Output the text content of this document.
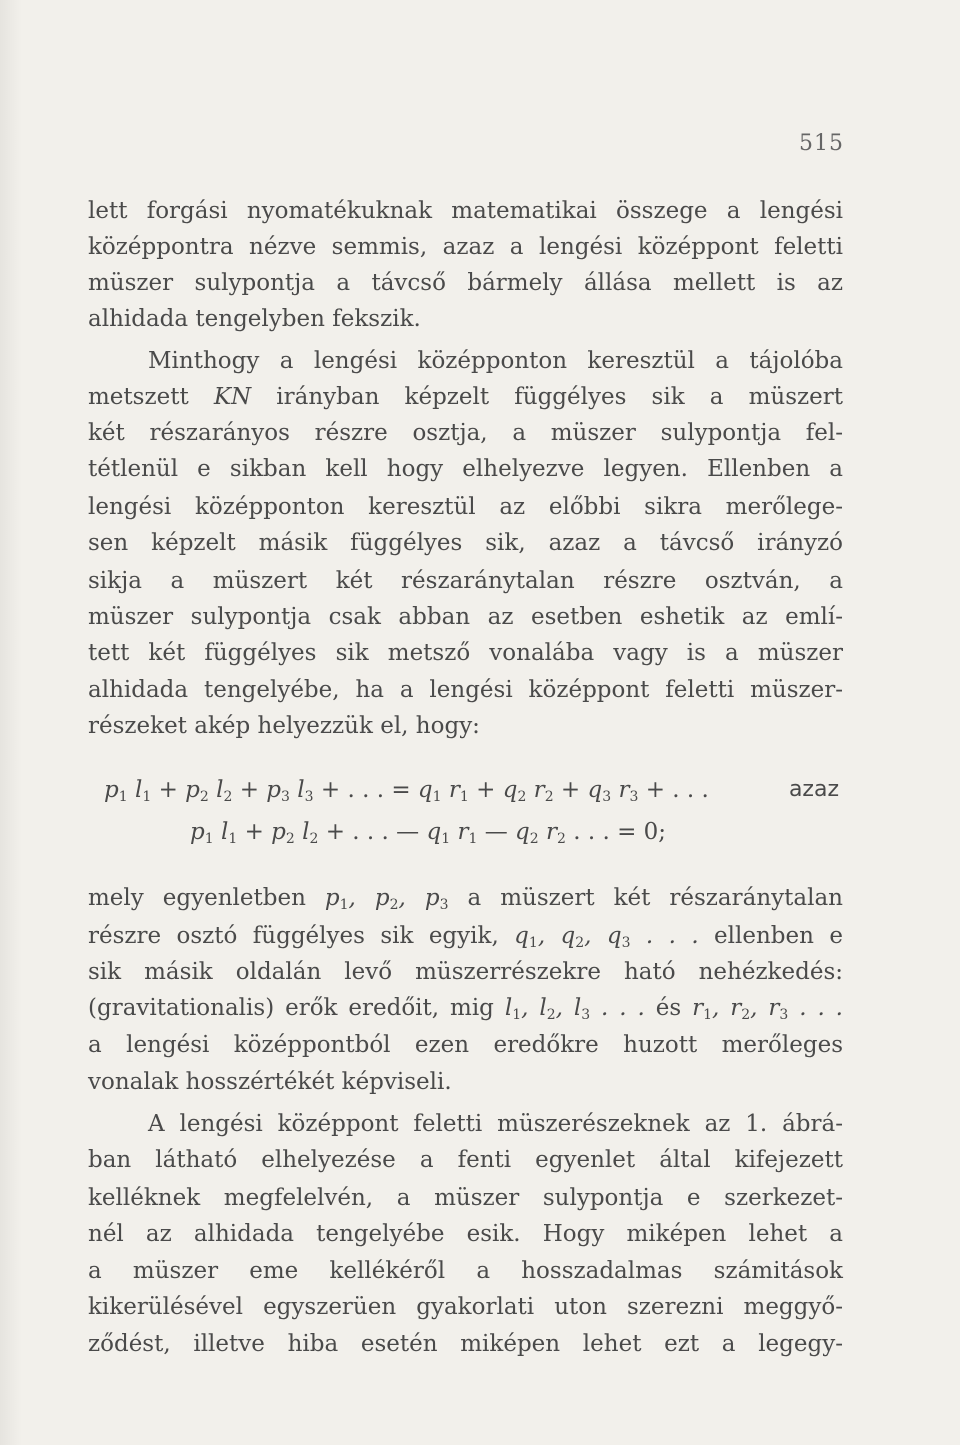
515
lett forgási nyomatékuknak matematikai összege a lengési
középpontra nézve semmis, azaz a lengési középpont feletti
müszer sulypontja a távcső bármely állása mellett is az
alhidada tengelyben fekszik.
Minthogy a lengési középponton keresztül a tájolóba
metszett KN irányban képzelt függélyes sik a müszert
két részarányos részre osztja, a müszer sulypontja fel-
tétlenül e sikban kell hogy elhelyezve legyen. Ellenben a
lengési középponton keresztül az előbbi sikra merőlege-
sen képzelt másik függélyes sik, azaz a távcső irányzó
sikja a müszert két részaránytalan részre osztván, a
müszer sulypontja csak abban az esetben eshetik az emlí-
tett két függélyes sik metsző vonalába vagy is a müszer
alhidada tengelyébe, ha a lengési középpont feletti müszer-
részeket akép helyezzük el, hogy:
$p_1$ $l_1 + p_2$ $l_2 + p_3$ $l_3$ + . . . = $q_1$ $r_1 + q_2$ $r_2 + q_3$ $r_3$ + . . .	azaz
$p_1$ $l_1 + p_2$ $l_2$ + . . . — $q_1$ $r_1$ — $q_2$ $r_2$ . . . = 0;
mely egyenletben $p_1$, $p_2$, $p_3$ a müszert két részaránytalan
részre osztó függélyes sik egyik, $q_1$, $q_2$, $q_3$ . . . ellenben e
sik másik oldalán levő müszerrészekre ható nehézkedés:
(gravitationalis) erők eredőit, mig $l_1$, $l_2$, $l_3$ . . . és $r_1$, $r_2$, $r_3$ . . .
a lengési középpontból ezen eredőkre huzott merőleges
vonalak hosszértékét képviseli.
A lengési középpont feletti müszerészeknek az 1. ábrá-
ban látható elhelyezése a fenti egyenlet által kifejezett
kelléknek megfelelvén, a müszer sulypontja e szerkezet-
nél az alhidada tengelyébe esik. Hogy miképen lehet a
a müszer eme kellékéről a hosszadalmas számitások
kikerülésével egyszerüen gyakorlati uton szerezni meggyő-
ződést, illetve hiba esetén miképen lehet ezt a legegy-
